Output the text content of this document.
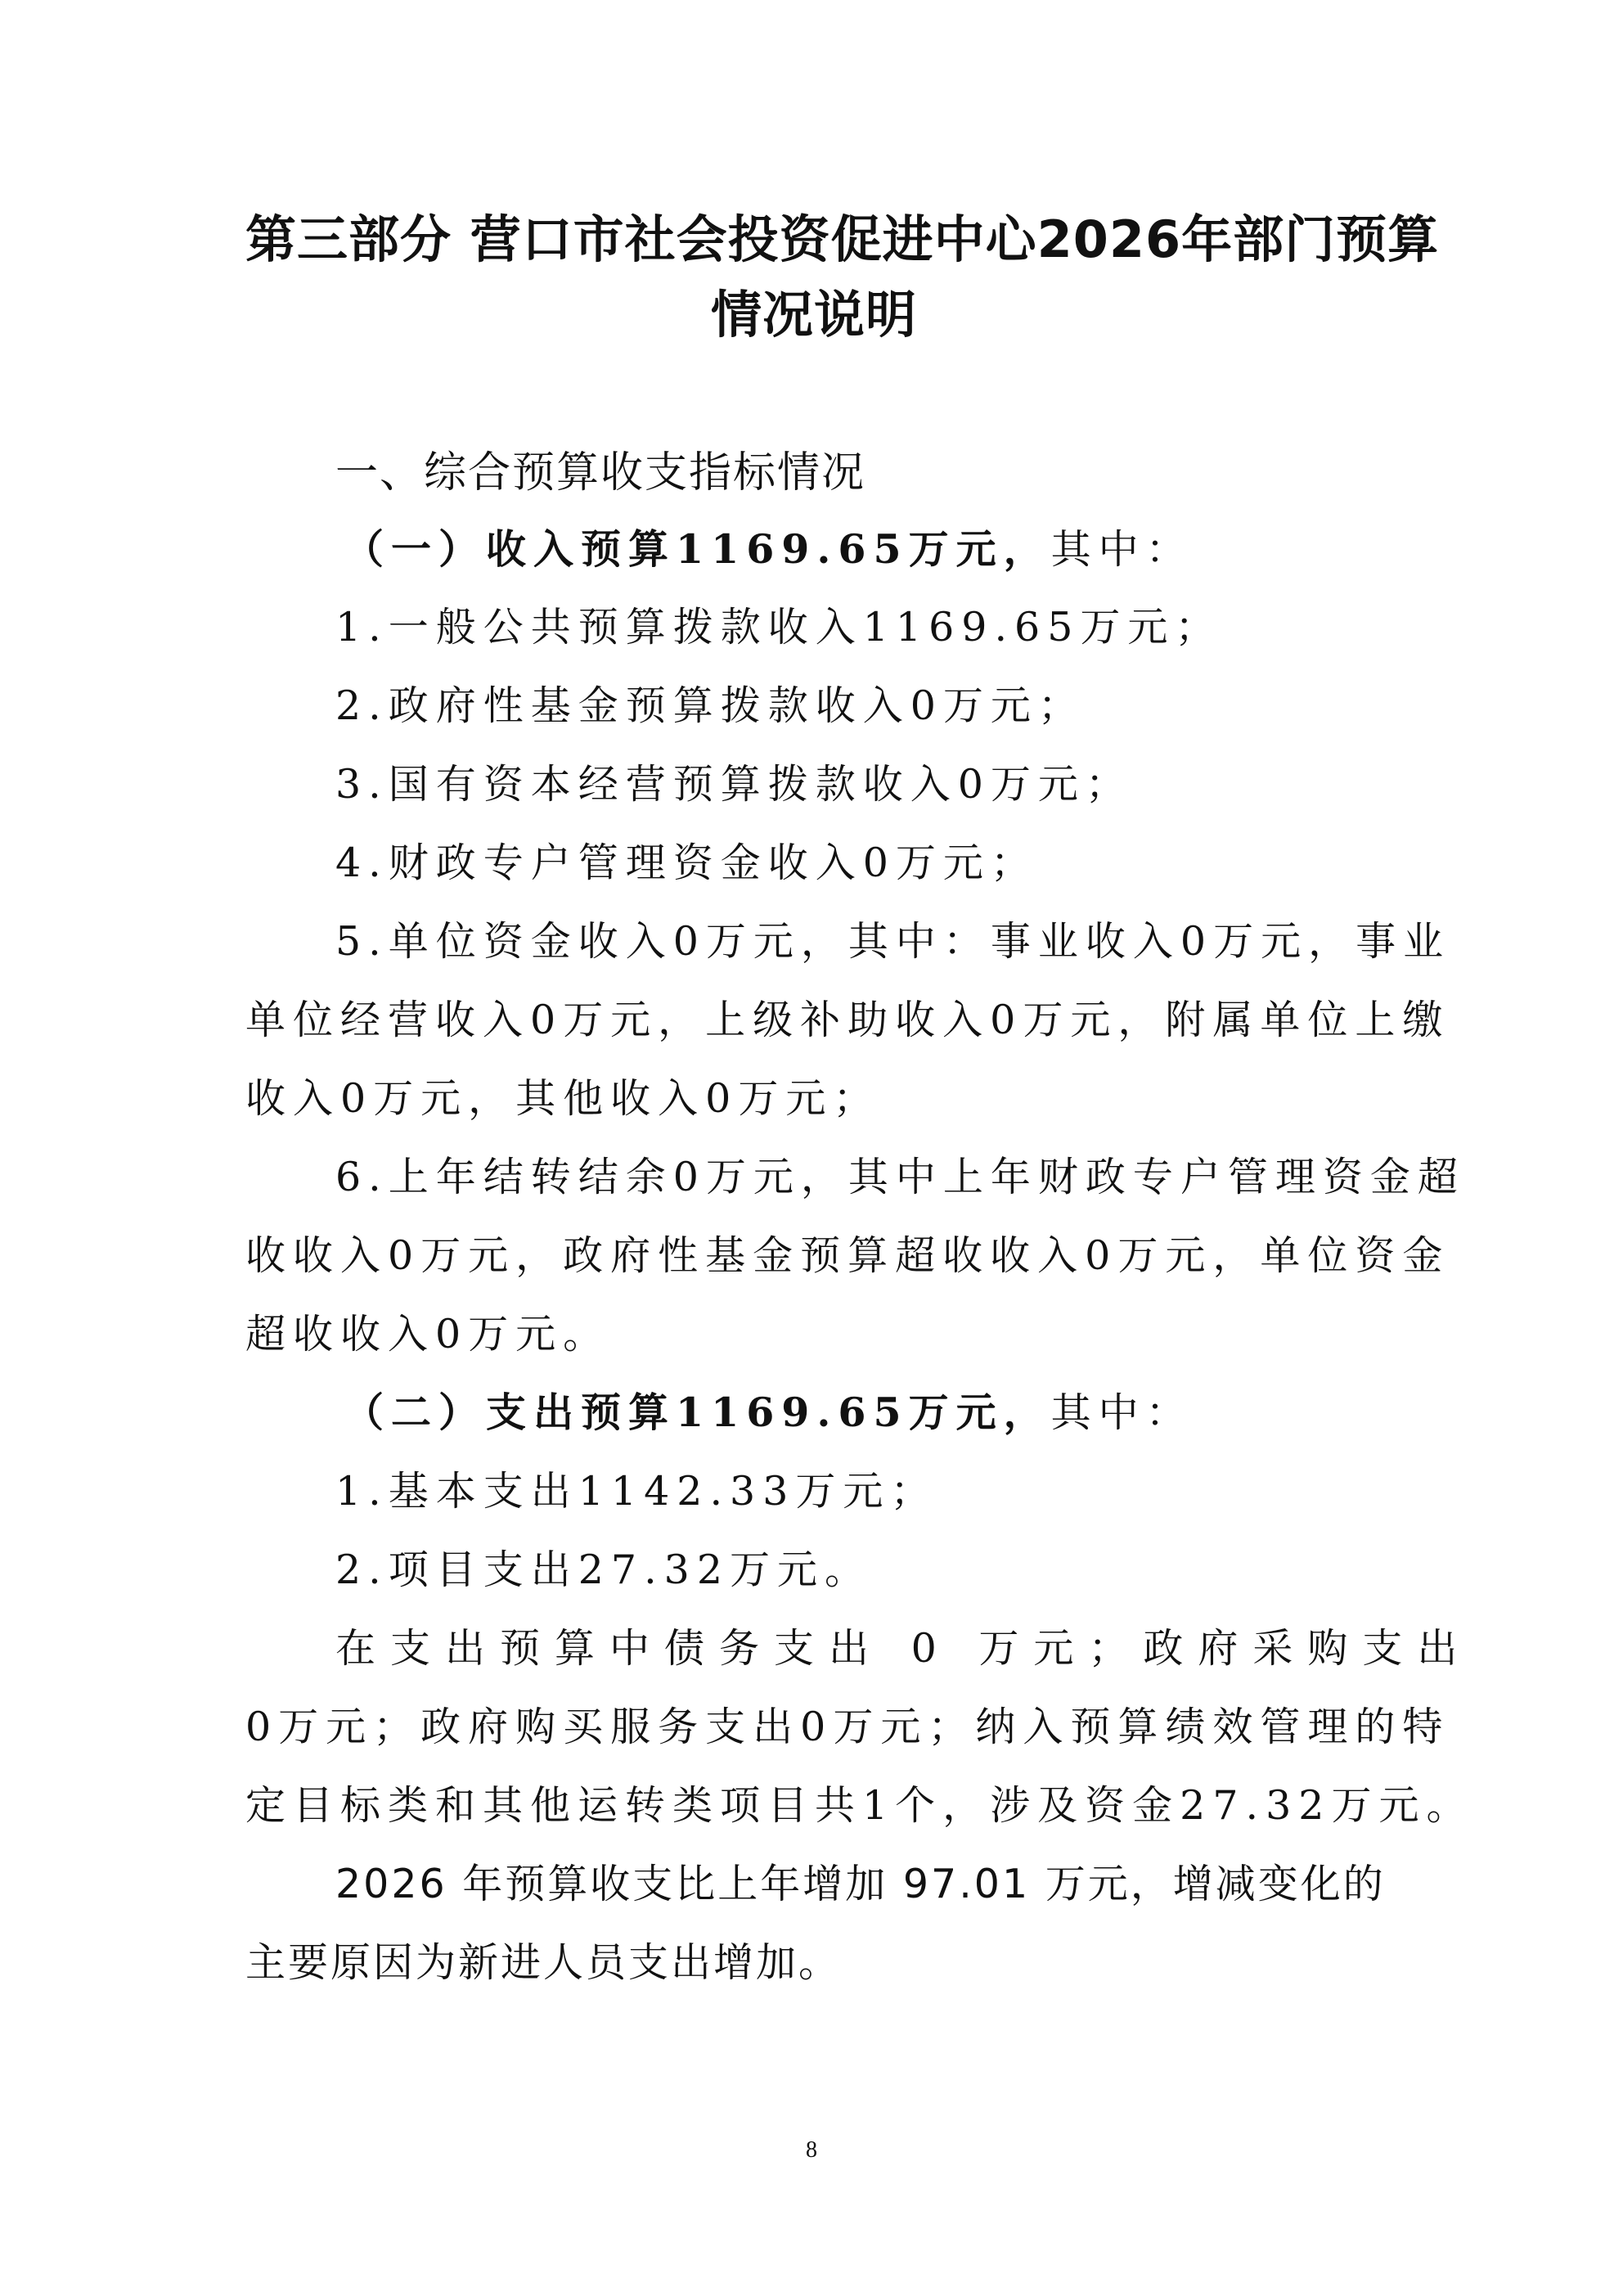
第三部分 营口市社会投资促进中心2026年部门预算
情况说明
一、综合预算收支指标情况
（一）收入预算1169.65万元，其中：
1.一般公共预算拨款收入1169.65万元；
2.政府性基金预算拨款收入0万元；
3.国有资本经营预算拨款收入0万元；
4.财政专户管理资金收入0万元；
5.单位资金收入0万元，其中：事业收入0万元，事业
单位经营收入0万元，上级补助收入0万元，附属单位上缴
收入0万元，其他收入0万元；
6.上年结转结余0万元，其中上年财政专户管理资金超
收收入0万元，政府性基金预算超收收入0万元，单位资金
超收收入0万元。
（二）支出预算1169.65万元，其中：
1.基本支出1142.33万元；
2.项目支出27.32万元。
在支出预算中债务支出 0 万元；政府采购支出
0万元；政府购买服务支出0万元；纳入预算绩效管理的特
定目标类和其他运转类项目共1个，涉及资金27.32万元。
2026 年预算收支比上年增加 97.01 万元，增减变化的
主要原因为新进人员支出增加。
8
